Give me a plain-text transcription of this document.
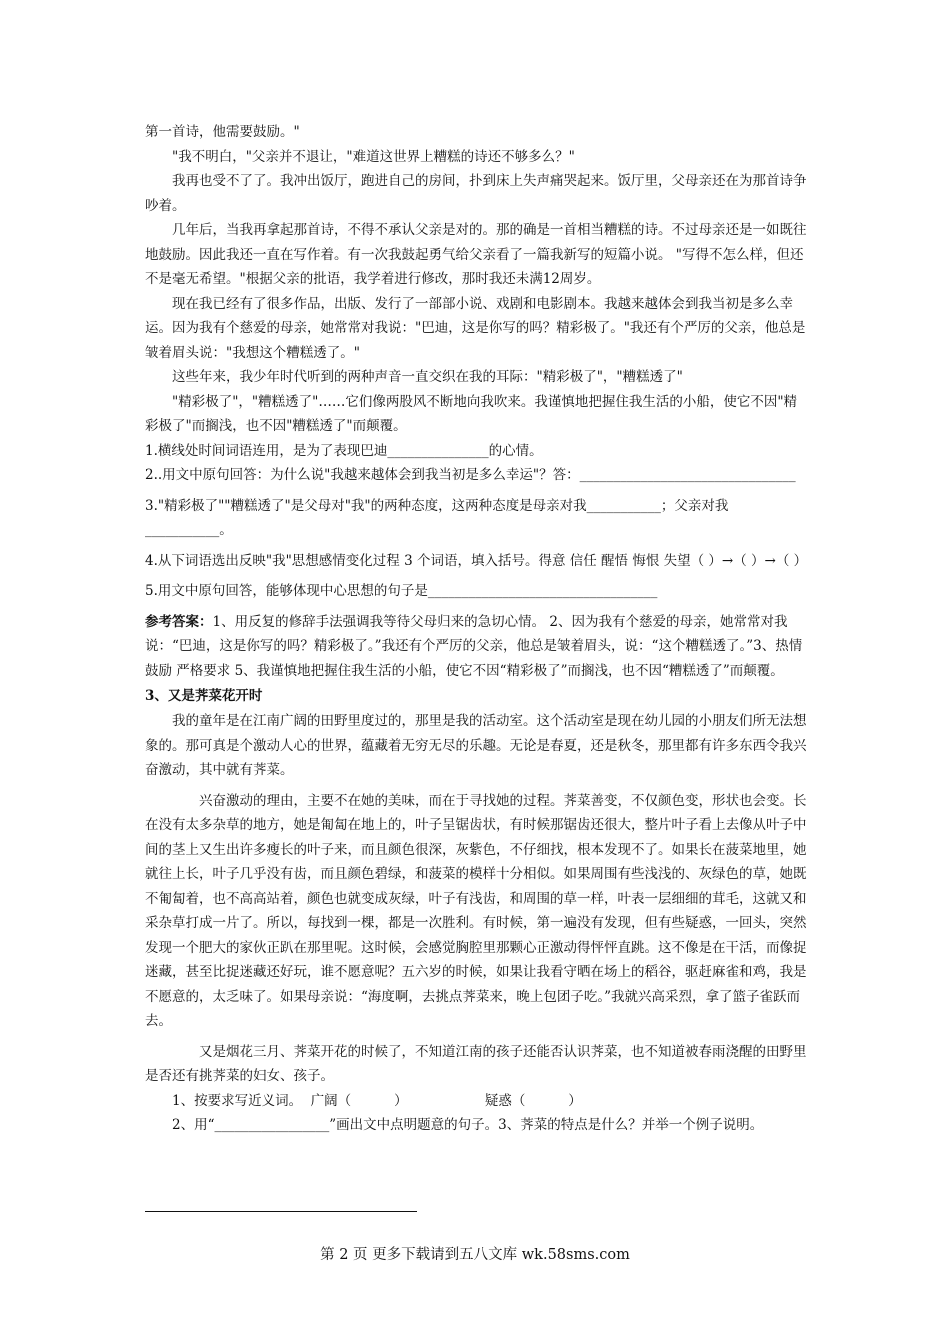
第一首诗，他需要鼓励。"

"我不明白，"父亲并不退让，"难道这世界上糟糕的诗还不够多么？"

我再也受不了了。我冲出饭厅，跑进自己的房间，扑到床上失声痛哭起来。饭厅里，父母亲还在为那首诗争吵着。

几年后，当我再拿起那首诗，不得不承认父亲是对的。那的确是一首相当糟糕的诗。不过母亲还是一如既往地鼓励。因此我还一直在写作着。有一次我鼓起勇气给父亲看了一篇我新写的短篇小说。 "写得不怎么样，但还不是毫无希望。"根据父亲的批语，我学着进行修改，那时我还未满12周岁。

现在我已经有了很多作品，出版、发行了一部部小说、戏剧和电影剧本。我越来越体会到我当初是多么幸运。因为我有个慈爱的母亲，她常常对我说："巴迪，这是你写的吗？精彩极了。"我还有个严厉的父亲，他总是皱着眉头说："我想这个糟糕透了。"

这些年来，我少年时代听到的两种声音一直交织在我的耳际："精彩极了"，"糟糕透了"

"精彩极了"，"糟糕透了"……它们像两股风不断地向我吹来。我谨慎地把握住我生活的小船，使它不因"精彩极了"而搁浅，也不因"糟糕透了"而颠覆。

1.横线处时间词语连用，是为了表现巴迪_______________的心情。

2..用文中原句回答：为什么说"我越来越体会到我当初是多么幸运"？答：________________________________

3."精彩极了""糟糕透了"是父母对"我"的两种态度，这两种态度是母亲对我___________；父亲对我___________。

4.从下词语选出反映"我"思想感情变化过程 3 个词语，填入括号。得意 信任 醒悟 悔恨 失望（ ）→（ ）→（ ）

5.用文中原句回答，能够体现中心思想的句子是__________________________________

参考答案：1、用反复的修辞手法强调我等待父母归来的急切心情。 2、因为我有个慈爱的母亲，她常常对我说：“巴迪，这是你写的吗？精彩极了。”我还有个严厉的父亲，他总是皱着眉头，说：“这个糟糕透了。”3、热情鼓励 严格要求 5、我谨慎地把握住我生活的小船，使它不因“精彩极了”而搁浅，也不因“糟糕透了”而颠覆。

3、又是荠菜花开时

我的童年是在江南广阔的田野里度过的，那里是我的活动室。这个活动室是现在幼儿园的小朋友们所无法想象的。那可真是个激动人心的世界，蕴藏着无穷无尽的乐趣。无论是春夏，还是秋冬，那里都有许多东西令我兴奋激动，其中就有荠菜。

兴奋激动的理由，主要不在她的美味，而在于寻找她的过程。荠菜善变，不仅颜色变，形状也会变。长在没有太多杂草的地方，她是匍匐在地上的，叶子呈锯齿状，有时候那锯齿还很大，整片叶子看上去像从叶子中间的茎上又生出许多瘦长的叶子来，而且颜色很深，灰紫色，不仔细找，根本发现不了。如果长在菠菜地里，她就往上长，叶子几乎没有齿，而且颜色碧绿，和菠菜的模样十分相似。如果周围有些浅浅的、灰绿色的草，她既不匍匐着，也不高高站着，颜色也就变成灰绿，叶子有浅齿，和周围的草一样，叶表一层细细的茸毛，这就又和采杂草打成一片了。所以，每找到一棵，都是一次胜利。有时候，第一遍没有发现，但有些疑惑，一回头，突然发现一个肥大的家伙正趴在那里呢。这时候，会感觉胸腔里那颗心正激动得怦怦直跳。这不像是在干活，而像捉迷藏，甚至比捉迷藏还好玩，谁不愿意呢？五六岁的时候，如果让我看守晒在场上的稻谷，驱赶麻雀和鸡，我是不愿意的，太乏味了。如果母亲说：“海度啊，去挑点荠菜来，晚上包团子吃。”我就兴高采烈，拿了篮子雀跃而去。

又是烟花三月、荠菜开花的时候了，不知道江南的孩子还能否认识荠菜，也不知道被春雨浇醒的田野里是否还有挑荠菜的妇女、孩子。

1、按要求写近义词。  广阔（          ）                  疑惑（          ）

2、用“_________________”画出文中点明题意的句子。3、荠菜的特点是什么？并举一个例子说明。

第 2 页 更多下载请到五八文库 wk.58sms.com
